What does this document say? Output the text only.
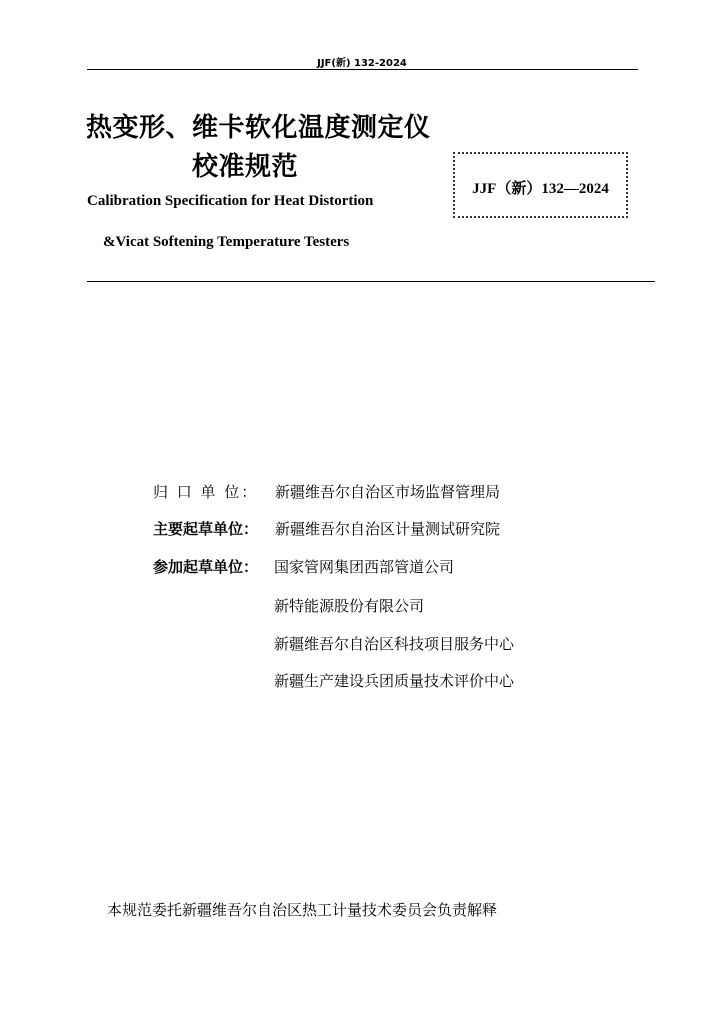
JJF(新) 132-2024
热变形、维卡软化温度测定仪
校准规范
JJF（新）132—2024
Calibration Specification for Heat Distortion
&Vicat Softening Temperature Testers
归 口 单 位： 新疆维吾尔自治区市场监督管理局
主要起草单位： 新疆维吾尔自治区计量测试研究院
参加起草单位： 国家管网集团西部管道公司
新特能源股份有限公司
新疆维吾尔自治区科技项目服务中心
新疆生产建设兵团质量技术评价中心
本规范委托新疆维吾尔自治区热工计量技术委员会负责解释
